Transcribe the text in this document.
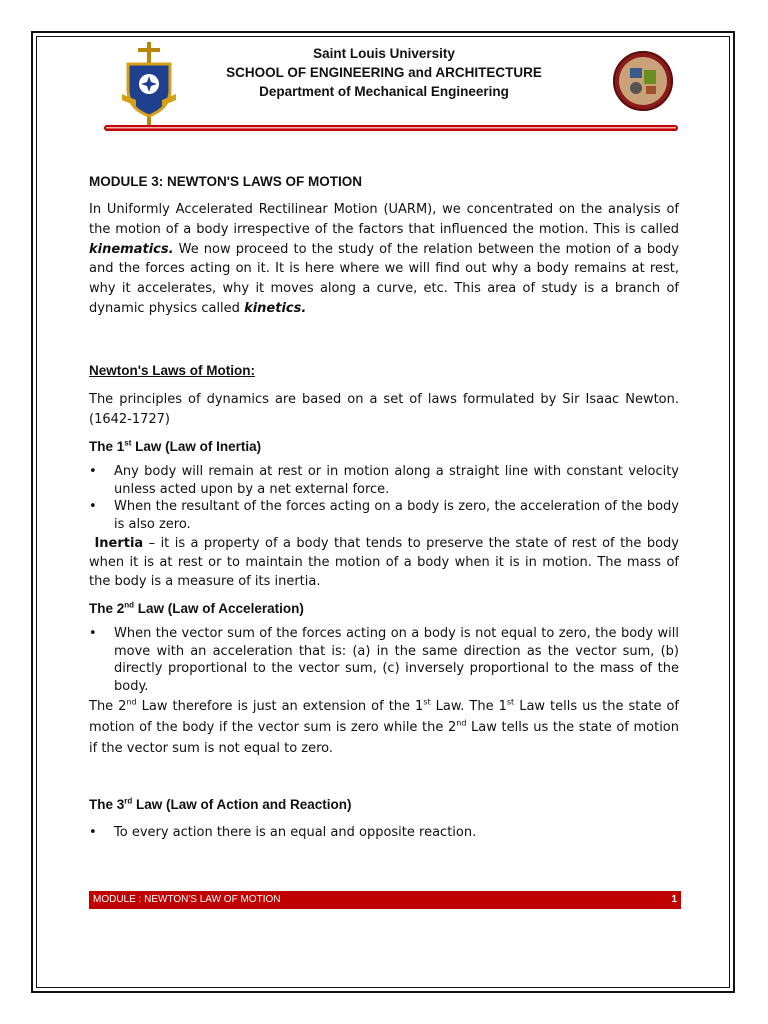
Saint Louis University
SCHOOL OF ENGINEERING and ARCHITECTURE
Department of Mechanical Engineering

MODULE 3: NEWTON'S LAWS OF MOTION

In Uniformly Accelerated Rectilinear Motion (UARM), we concentrated on the analysis of the motion of a body irrespective of the factors that influenced the motion. This is called kinematics. We now proceed to the study of the relation between the motion of a body and the forces acting on it. It is here where we will find out why a body remains at rest, why it accelerates, why it moves along a curve, etc. This area of study is a branch of dynamic physics called kinetics.

Newton's Laws of Motion:

The principles of dynamics are based on a set of laws formulated by Sir Isaac Newton. (1642-1727)

The 1st Law (Law of Inertia)

• Any body will remain at rest or in motion along a straight line with constant velocity unless acted upon by a net external force.
• When the resultant of the forces acting on a body is zero, the acceleration of the body is also zero.

Inertia – it is a property of a body that tends to preserve the state of rest of the body when it is at rest or to maintain the motion of a body when it is in motion. The mass of the body is a measure of its inertia.

The 2nd Law (Law of Acceleration)

• When the vector sum of the forces acting on a body is not equal to zero, the body will move with an acceleration that is: (a) in the same direction as the vector sum, (b) directly proportional to the vector sum, (c) inversely proportional to the mass of the body.

The 2nd Law therefore is just an extension of the 1st Law. The 1st Law tells us the state of motion of the body if the vector sum is zero while the 2nd Law tells us the state of motion if the vector sum is not equal to zero.

The 3rd Law (Law of Action and Reaction)

• To every action there is an equal and opposite reaction.
MODULE : NEWTON'S LAW OF MOTION	1
